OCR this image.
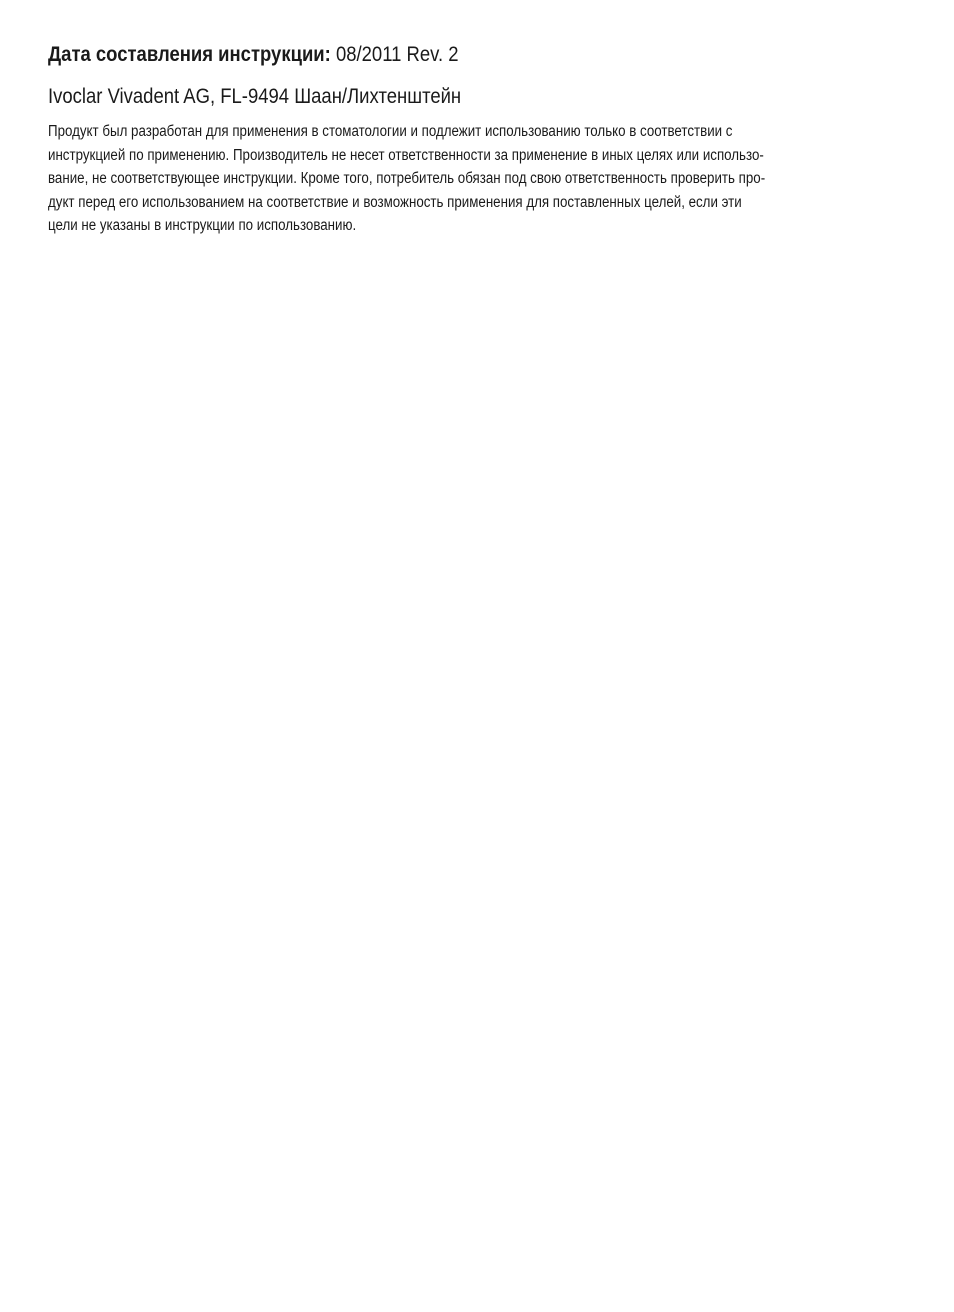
Дата составления инструкции: 08/2011 Rev. 2

Ivoclar Vivadent AG, FL-9494 Шаан/Лихтенштейн

Продукт был разработан для применения в стоматологии и подлежит использованию только в соответствии с
инструкцией по применению. Производитель не несет ответственности за применение в иных целях или использо-
вание, не соответствующее инструкции. Кроме того, потребитель обязан под свою ответственность проверить про-
дукт перед его использованием на соответствие и возможность применения для поставленных целей, если эти
цели не указаны в инструкции по использованию.
